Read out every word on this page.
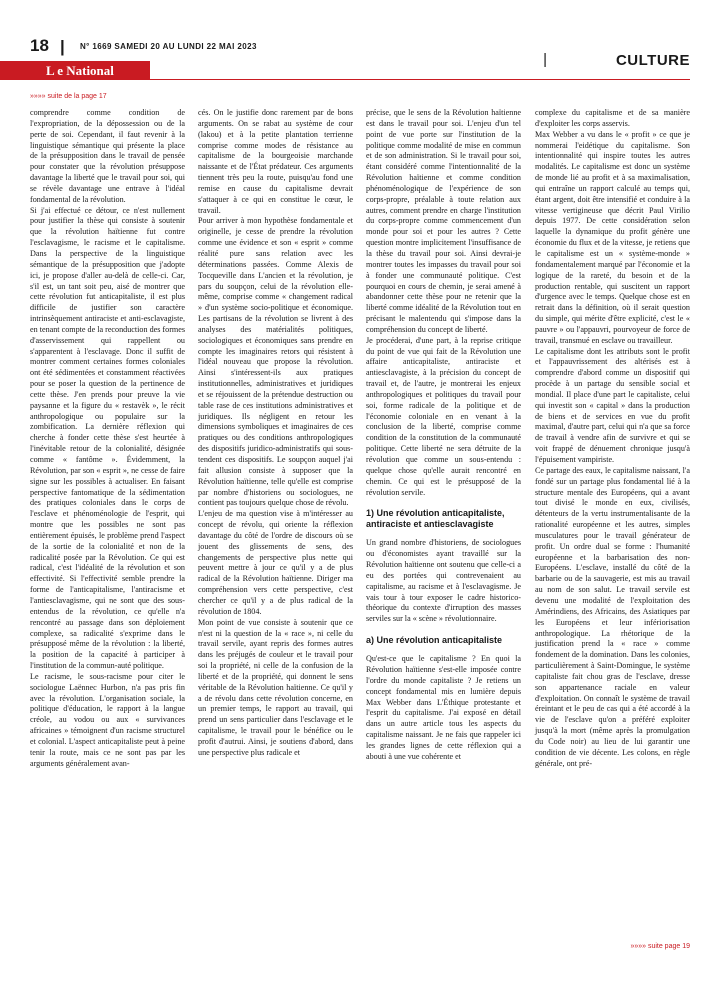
18 | N° 1669 SAMEDI 20 AU LUNDI 22 MAI 2023
L e National
|	CULTURE
»»»» suite de la page 17

comprendre comme condition de l'expropriation, de la dépossession ou de la perte de soi. Cependant, il faut revenir à la linguistique sémantique qui présente la place de la présupposition dans le travail de pensée pour constater que la révolution présuppose davantage la liberté que le travail pour soi, qui se révèle davantage une entrave à l'idéal fondamental de la révolution.

Si j'ai effectué ce détour, ce n'est nullement pour justifier la thèse qui consiste à soutenir que la révolution haïtienne fut contre l'esclavagisme, le racisme et le capitalisme. Dans la perspective de la linguistique sémantique de la présupposition que j'adopte ici, je propose d'aller au-delà de celle-ci. Car, s'il est, un tant soit peu, aisé de montrer que cette révolution fut anticapitaliste, il est plus difficile de justifier son caractère intrinsèquement antiraciste et anti-esclavagiste, en tenant compte de la reconduction des formes d'asservissement qui rappellent ou s'apparentent à l'esclavage. Donc il suffit de montrer comment certaines formes coloniales ont été sédimentées et constamment réactivées pour se poser la question de la pertinence de cette thèse. J'en prends pour preuve la vie paysanne et la figure du « restavèk », le récit anthropologique ou populaire sur la zombification. La dernière réflexion qui cherche à fonder cette thèse s'est heurtée à l'inévitable retour de la colonialité, désignée comme « fantôme ». Évidemment, la Révolution, par son « esprit », ne cesse de faire signe sur les possibles à actualiser. En faisant perspective fantomatique de la sédimentation des pratiques coloniales dans le corps de l'esclave et phénoménologie de l'esprit, qui montre que les possibles ne sont pas entièrement épuisés, le problème prend l'aspect de la sortie de la colonialité et non de la radicalité posée par la Révolution. Ce qui est radical, c'est l'idéalité de la révolution et son effectivité. Si l'effectivité semble prendre la forme de l'anticapitalisme, l'antiracisme et l'antiesclavagisme, qui ne sont que des sous-entendus de la révolution, ce qu'elle n'a rencontré au passage dans son déploiement complexe, sa radicalité s'exprime dans le présupposé même de la révolution : la liberté, la position de la capacité à participer à l'institution de la commun-auté politique.

Le racisme, le sous-racisme pour citer le sociologue Laënnec Hurbon, n'a pas pris fin avec la révolution. L'organisation sociale, la politique d'éducation, le rapport à la langue créole, au vodou ou aux « survivances africaines » témoignent d'un racisme structurel et colonial. L'aspect anticapitaliste peut à peine tenir la route, mais ce ne sont pas par les arguments généralement avan-

cés. On le justifie donc rarement par de bons arguments. On se rabat au système de cour (lakou) et à la petite plantation terrienne comprise comme modes de résistance au capitalisme de la bourgeoisie marchande naissante et de l'État prédateur. Ces arguments tiennent très peu la route, puisqu'au fond une remise en cause du capitalisme devrait s'attaquer à ce qui en constitue le cœur, le travail.

Pour arriver à mon hypothèse fondamentale et originelle, je cesse de prendre la révolution comme une évidence et son « esprit » comme réalité pure sans relation avec les déterminations passées. Comme Alexis de Tocqueville dans L'ancien et la révolution, je pars du soupçon, celui de la révolution elle-même, comprise comme « changement radical » d'un système socio-politique et économique. Les partisans de la révolution se livrent à des analyses des matérialités politiques, sociologiques et économiques sans prendre en compte les imaginaires retors qui résistent à l'idéal nouveau que propose la révolution. Ainsi s'intéressent-ils aux pratiques institutionnelles, administratives et juridiques et se réjouissent de la prétendue destruction ou table rase de ces institutions administratives et juridiques. Ils négligent en retour les dimensions symboliques et imaginaires de ces pratiques ou des conditions anthropologiques des dispositifs juridico-administratifs qui sous-tendent ces dispositifs. Le soupçon auquel j'ai fait allusion consiste à supposer que la Révolution haïtienne, telle qu'elle est comprise par nombre d'historiens ou sociologues, ne contient pas toujours quelque chose de révolu.

L'enjeu de ma question vise à m'intéresser au concept de révolu, qui oriente la réflexion davantage du côté de l'ordre de discours où se jouent des glissements de sens, des changements de perspective plus nette qui peuvent mettre à jour ce qu'il y a de plus radical de la Révolution haïtienne. Diriger ma compréhension vers cette perspective, c'est chercher ce qu'il y a de plus radical de la révolution de 1804.

Mon point de vue consiste à soutenir que ce n'est ni la question de la « race », ni celle du travail servile, ayant repris des formes autres dans les préjugés de couleur et le travail pour soi la propriété, ni celle de la confusion de la liberté et de la propriété, qui donnent le sens véritable de la Révolution haïtienne. Ce qu'il y a de révolu dans cette révolution concerne, en un premier temps, le rapport au travail, qui prend un sens particulier dans l'esclavage et le capitalisme, le travail pour le bénéfice ou le profit d'autrui. Ainsi, je soutiens d'abord, dans une perspective plus radicale et

précise, que le sens de la Révolution haïtienne est dans le travail pour soi. L'enjeu d'un tel point de vue porte sur l'institution de la politique comme modalité de mise en commun et de son administration. Si le travail pour soi, étant considéré comme l'intentionnalité de la Révolution haïtienne et comme condition phénoménologique de l'expérience de son corps-propre, préalable à toute relation aux autres, comment prendre en charge l'institution du corps-propre comme commencement d'un monde pour soi et pour les autres ? Cette question montre implicitement l'insuffisance de la thèse du travail pour soi. Ainsi devrai-je montrer toutes les impasses du travail pour soi à fonder une communauté politique. C'est pourquoi en cours de chemin, je serai amené à abandonner cette thèse pour ne retenir que la liberté comme idéalité de la Révolution tout en précisant le malentendu qui s'impose dans la compréhension du concept de liberté.

Je procéderai, d'une part, à la reprise critique du point de vue qui fait de la Révolution une affaire anticapitaliste, antiraciste et antiesclavagiste, à la précision du concept de travail et, de l'autre, je montrerai les enjeux anthropologiques et politiques du travail pour soi, forme radicale de la politique et de l'économie coloniale en en venant à la conclusion de la liberté, comprise comme condition de la constitution de la communauté politique. Cette liberté ne sera détruite de la révolution que comme un sous-entendu : quelque chose qu'elle aurait rencontré en chemin. Ce qui est le présupposé de la révolution servile.

1) Une révolution anticapitaliste, antiraciste et antiesclavagiste

Un grand nombre d'historiens, de sociologues ou d'économistes ayant travaillé sur la Révolution haïtienne ont soutenu que celle-ci a eu des portées qui contrevenaient au capitalisme, au racisme et à l'esclavagisme. Je vais tour à tour exposer le cadre historico-théorique du contexte d'irruption des masses serviles sur la « scène » révolutionnaire.

a) Une révolution anticapitaliste

Qu'est-ce que le capitalisme ? En quoi la Révolution haïtienne s'est-elle imposée contre l'ordre du monde capitaliste ? Je retiens un concept fondamental mis en lumière depuis Max Webber dans L'Éthique protestante et l'esprit du capitalisme. J'ai exposé en détail dans un autre article tous les aspects du capitalisme naissant. Je ne fais que rappeler ici les grandes lignes de cette réflexion qui a abouti à une vue cohérente et

complexe du capitalisme et de sa manière d'exploiter les corps asservis.

Max Webber a vu dans le « profit » ce que je nommerai l'eidétique du capitalisme. Son intentionnalité qui inspire toutes les autres modalités. Le capitalisme est donc un système de monde lié au profit et à sa maximalisation, qui entraîne un rapport calculé au temps qui, étant argent, doit être intensifié et conduire à la vitesse vertigineuse que décrit Paul Virilio depuis 1977. De cette considération selon laquelle la dynamique du profit génère une économie du flux et de la vitesse, je retiens que le capitalisme est un « système-monde » fondamentalement marqué par l'économie et la logique de la rareté, du besoin et de la production rentable, qui suscitent un rapport d'urgence avec le temps. Quelque chose est en retrait dans la définition, où il serait question du simple, qui mérite d'être explicité, c'est le « pauvre » ou l'appauvri, pourvoyeur de force de travail, transmué en esclave ou travailleur.

Le capitalisme dont les attributs sont le profit et l'appauvrissement des altérisés est à comprendre d'abord comme un dispositif qui procède à un partage du sensible social et mondial. Il place d'une part le capitaliste, celui qui investit son « capital » dans la production de biens et de services en vue du profit maximal, d'autre part, celui qui n'a que sa force de travail à vendre afin de survivre et qui se voit frappé de dénuement chronique jusqu'à l'épuisement vampiriste.

Ce partage des eaux, le capitalisme naissant, l'a fondé sur un partage plus fondamental lié à la structure mentale des Européens, qui a avant tout divisé le monde en eux, civilisés, détenteurs de la vertu instrumentalisante de la rationalité européenne et les autres, simples musculatures pour le travail générateur de profit. Un ordre dual se forme : l'humanité européenne et la barbarisation des non-Européens. L'esclave, installé du côté de la barbarie ou de la sauvagerie, est mis au travail au nom de son salut. Le travail servile est devenu une modalité de l'exploitation des Amérindiens, des Africains, des Asiatiques par les Européens et leur infériorisation anthropologique. La rhétorique de la justification prend la « race » comme fondement de la domination. Dans les colonies, particulièrement à Saint-Domingue, le système capitaliste fait chou gras de l'esclave, dresse son appartenance raciale en valeur d'exploitation. On connaît le système de travail éreintant et le peu de cas qui a été accordé à la vie de l'esclave qu'on a préféré exploiter jusqu'à la mort (même après la promulgation du Code noir) au lieu de lui garantir une condition de vie décente. Les colons, en règle générale, ont pré-

»»»» suite page 19
